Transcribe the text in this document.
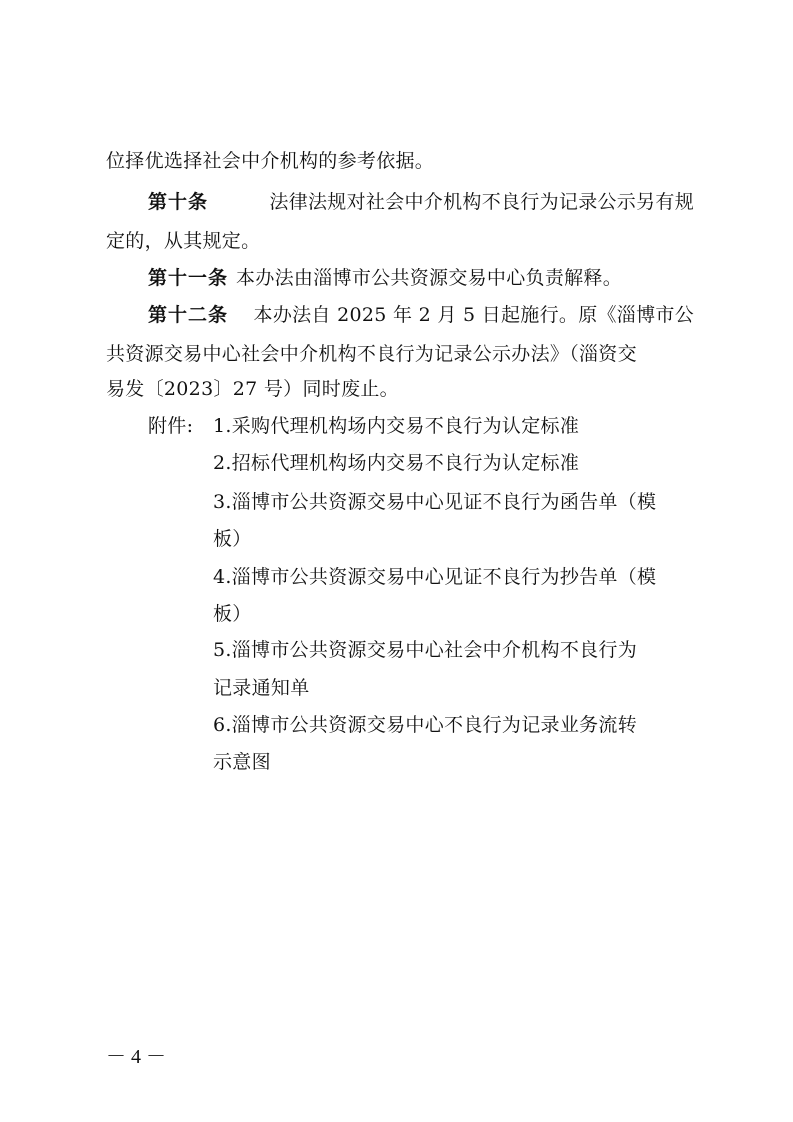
位择优选择社会中介机构的参考依据。
第十条	法律法规对社会中介机构不良行为记录公示另有规
定的，从其规定。
第十一条 本办法由淄博市公共资源交易中心负责解释。
第十二条 本办法自 2025 年 2 月 5 日起施行。原《淄博市公
共资源交易中心社会中介机构不良行为记录公示办法》（淄资交
易发〔2023〕27 号）同时废止。
附件: 1.采购代理机构场内交易不良行为认定标准
2.招标代理机构场内交易不良行为认定标准
3.淄博市公共资源交易中心见证不良行为函告单（模
板）
4.淄博市公共资源交易中心见证不良行为抄告单（模
板）
5.淄博市公共资源交易中心社会中介机构不良行为
记录通知单
6.淄博市公共资源交易中心不良行为记录业务流转
示意图
－ 4 －
